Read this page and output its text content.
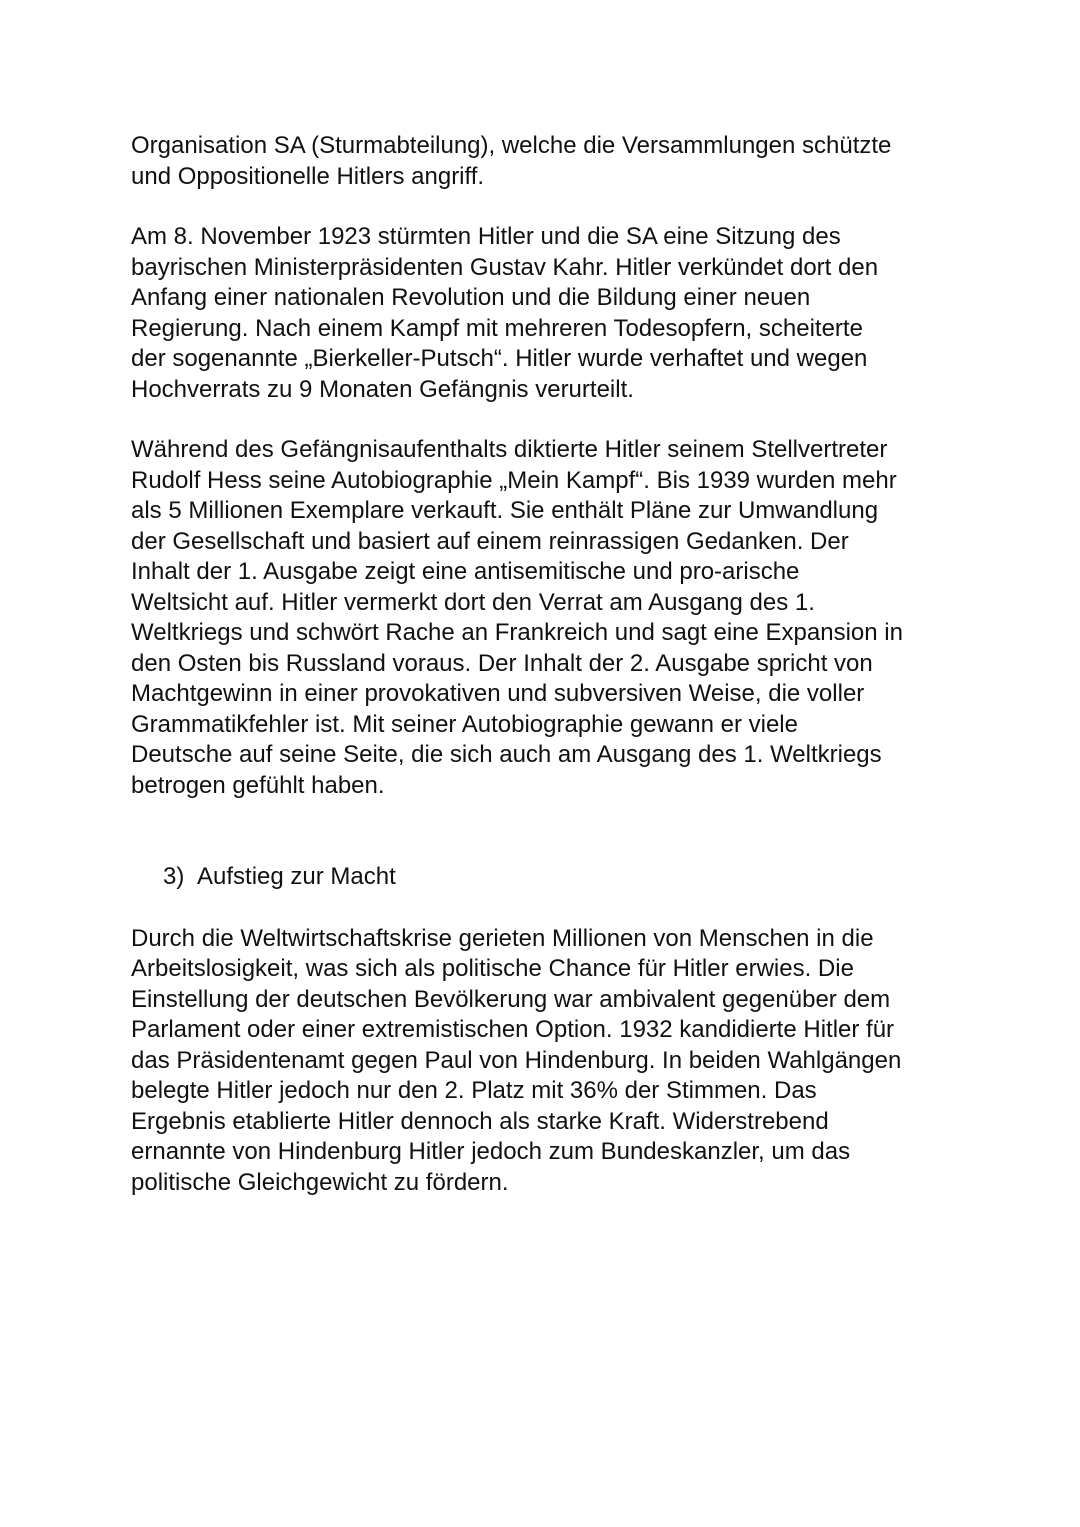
Organisation SA (Sturmabteilung), welche die Versammlungen schützte
und Oppositionelle Hitlers angriff.
Am 8. November 1923 stürmten Hitler und die SA eine Sitzung des
bayrischen Ministerpräsidenten Gustav Kahr. Hitler verkündet dort den
Anfang einer nationalen Revolution und die Bildung einer neuen
Regierung. Nach einem Kampf mit mehreren Todesopfern, scheiterte
der sogenannte „Bierkeller-Putsch“. Hitler wurde verhaftet und wegen
Hochverrats zu 9 Monaten Gefängnis verurteilt.
Während des Gefängnisaufenthalts diktierte Hitler seinem Stellvertreter
Rudolf Hess seine Autobiographie „Mein Kampf“. Bis 1939 wurden mehr
als 5 Millionen Exemplare verkauft. Sie enthält Pläne zur Umwandlung
der Gesellschaft und basiert auf einem reinrassigen Gedanken. Der
Inhalt der 1. Ausgabe zeigt eine antisemitische und pro-arische
Weltsicht auf. Hitler vermerkt dort den Verrat am Ausgang des 1.
Weltkriegs und schwört Rache an Frankreich und sagt eine Expansion in
den Osten bis Russland voraus. Der Inhalt der 2. Ausgabe spricht von
Machtgewinn in einer provokativen und subversiven Weise, die voller
Grammatikfehler ist. Mit seiner Autobiographie gewann er viele
Deutsche auf seine Seite, die sich auch am Ausgang des 1. Weltkriegs
betrogen gefühlt haben.
3) Aufstieg zur Macht
Durch die Weltwirtschaftskrise gerieten Millionen von Menschen in die
Arbeitslosigkeit, was sich als politische Chance für Hitler erwies. Die
Einstellung der deutschen Bevölkerung war ambivalent gegenüber dem
Parlament oder einer extremistischen Option. 1932 kandidierte Hitler für
das Präsidentenamt gegen Paul von Hindenburg. In beiden Wahlgängen
belegte Hitler jedoch nur den 2. Platz mit 36% der Stimmen. Das
Ergebnis etablierte Hitler dennoch als starke Kraft. Widerstrebend
ernannte von Hindenburg Hitler jedoch zum Bundeskanzler, um das
politische Gleichgewicht zu fördern.
